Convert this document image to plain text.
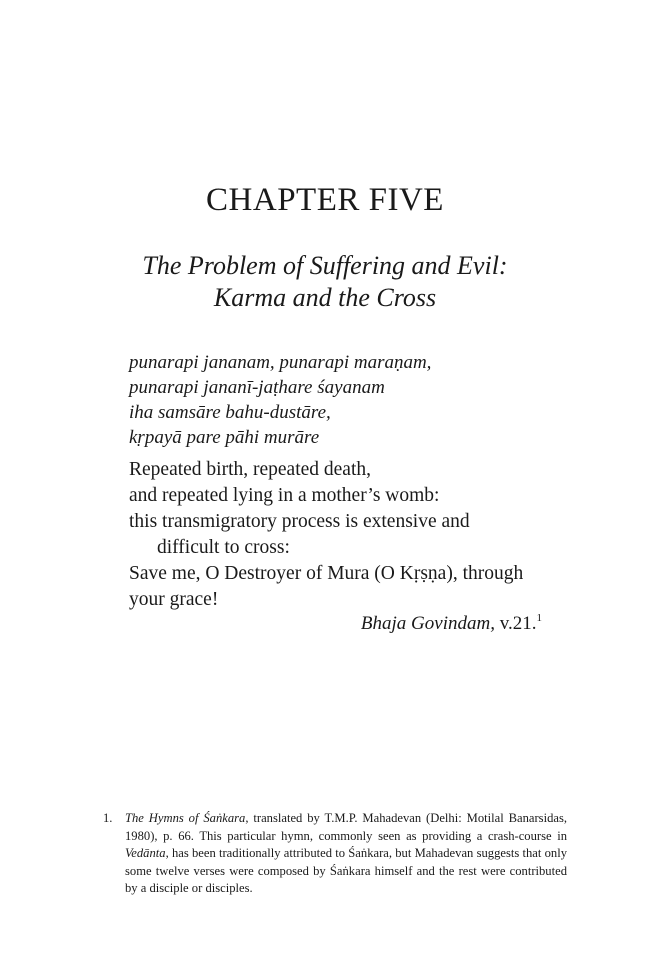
CHAPTER FIVE
The Problem of Suffering and Evil:
Karma and the Cross
punarapi jananam, punarapi maraṇam,
punarapi jananī-jaṭhare śayanam
iha samsāre bahu-dustāre,
kṛpayā pare pāhi murāre
Repeated birth, repeated death,
and repeated lying in a mother’s womb:
this transmigratory process is extensive and
difficult to cross:
Save me, O Destroyer of Mura (O Kṛṣṇa), through
your grace!
Bhaja Govindam, v.21.$^1$
1. The Hymns of Śaṅkara, translated by T.M.P. Mahadevan (Delhi: Motilal Banarsidas, 1980), p. 66. This particular hymn, commonly seen as providing a crash-course in Vedānta, has been traditionally attributed to Śaṅkara, but Mahadevan suggests that only some twelve verses were composed by Śaṅkara himself and the rest were contributed by a disciple or disciples.
